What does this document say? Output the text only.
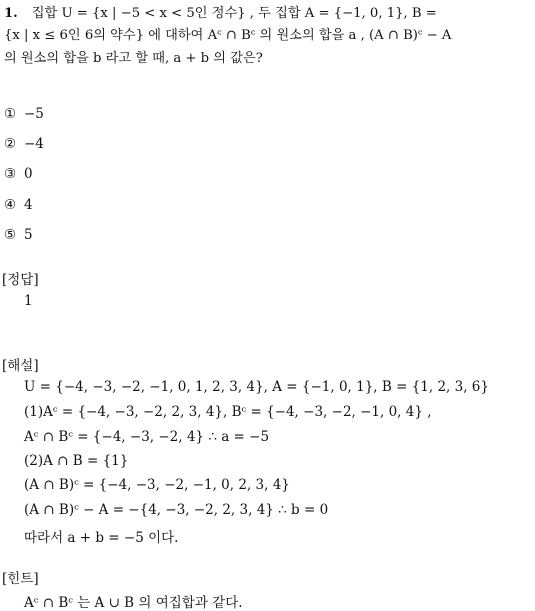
1. 집합 U = {x | −5 < x < 5인 정수} , 두 집합 A = {−1, 0, 1}, B =
{x | x ≤ 6인 6의 약수} 에 대하여 Aᶜ ∩ Bᶜ 의 원소의 합을 a , (A ∩ B)ᶜ − A
의 원소의 합을 b 라고 할 때, a + b 의 값은?
① −5
② −4
③ 0
④ 4
⑤ 5
[정답]
1
[해설]
U = {−4, −3, −2, −1, 0, 1, 2, 3, 4}, A = {−1, 0, 1}, B = {1, 2, 3, 6}
(1)Aᶜ = {−4, −3, −2, 2, 3, 4}, Bᶜ = {−4, −3, −2, −1, 0, 4} ,
Aᶜ ∩ Bᶜ = {−4, −3, −2, 4} ∴ a = −5
(2)A ∩ B = {1}
(A ∩ B)ᶜ = {−4, −3, −2, −1, 0, 2, 3, 4}
(A ∩ B)ᶜ − A = −{4, −3, −2, 2, 3, 4} ∴ b = 0
따라서 a + b = −5 이다.
[힌트]
Aᶜ ∩ Bᶜ 는 A ∪ B 의 여집합과 같다.
